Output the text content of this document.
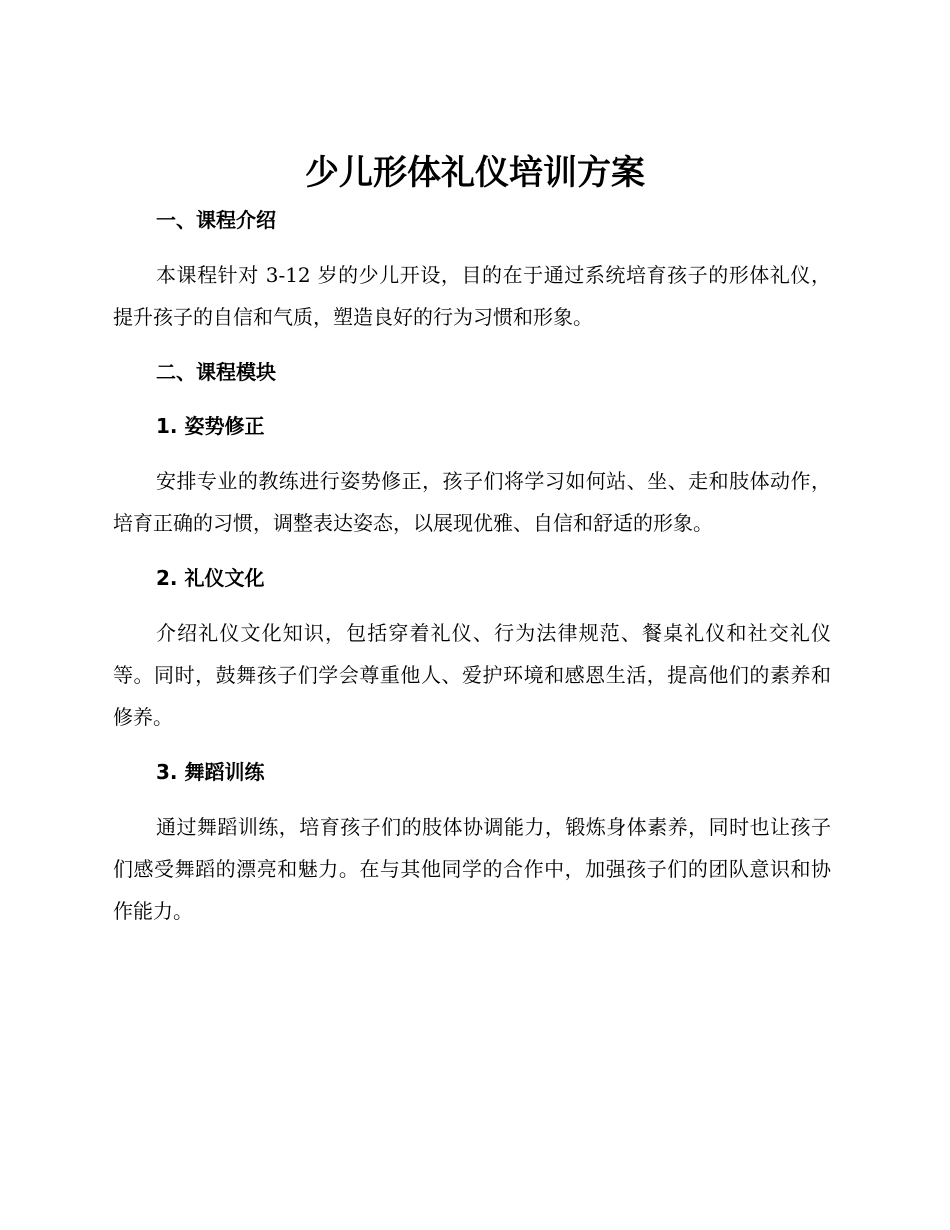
少儿形体礼仪培训方案
一、课程介绍

本课程针对 3-12 岁的少儿开设，目的在于通过系统培育孩子的形体礼仪，提升孩子的自信和气质，塑造良好的行为习惯和形象。

二、课程模块
1. 姿势修正

安排专业的教练进行姿势修正，孩子们将学习如何站、坐、走和肢体动作，培育正确的习惯，调整表达姿态，以展现优雅、自信和舒适的形象。

2. 礼仪文化

介绍礼仪文化知识，包括穿着礼仪、行为法律规范、餐桌礼仪和社交礼仪等。同时，鼓舞孩子们学会尊重他人、爱护环境和感恩生活，提高他们的素养和修养。

3. 舞蹈训练

通过舞蹈训练，培育孩子们的肢体协调能力，锻炼身体素养，同时也让孩子们感受舞蹈的漂亮和魅力。在与其他同学的合作中，加强孩子们的团队意识和协作能力。
